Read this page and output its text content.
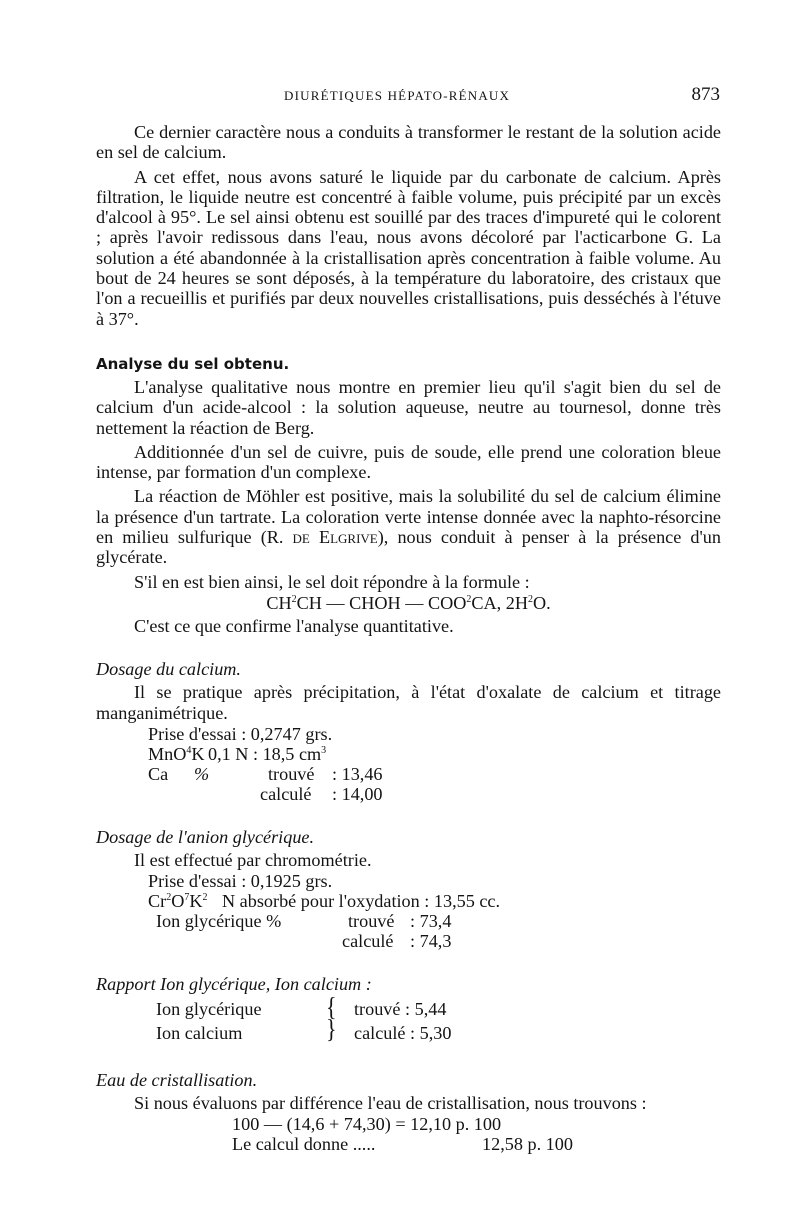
DIURÉTIQUES HÉPATO-RÉNAUX	873

Ce dernier caractère nous a conduits à transformer le restant de la solution acide en sel de calcium.

A cet effet, nous avons saturé le liquide par du carbonate de calcium. Après filtration, le liquide neutre est concentré à faible volume, puis précipité par un excès d'alcool à 95°. Le sel ainsi obtenu est souillé par des traces d'impureté qui le colorent ; après l'avoir redissous dans l'eau, nous avons décoloré par l'acticarbone G. La solution a été abandonnée à la cristallisation après concentration à faible volume. Au bout de 24 heures se sont déposés, à la température du laboratoire, des cristaux que l'on a recueillis et purifiés par deux nouvelles cristallisations, puis desséchés à l'étuve à 37°.

Analyse du sel obtenu.

L'analyse qualitative nous montre en premier lieu qu'il s'agit bien du sel de calcium d'un acide-alcool : la solution aqueuse, neutre au tournesol, donne très nettement la réaction de Berg.

Additionnée d'un sel de cuivre, puis de soude, elle prend une coloration bleue intense, par formation d'un complexe.

La réaction de Möhler est positive, mais la solubilité du sel de calcium élimine la présence d'un tartrate. La coloration verte intense donnée avec la naphto-résorcine en milieu sulfurique (R. de Elgrive), nous conduit à penser à la présence d'un glycérate.

S'il en est bien ainsi, le sel doit répondre à la formule :

$CH^2CH$ — CHOH — COO$^2$CA, $2H^2O$.

C'est ce que confirme l'analyse quantitative.

Dosage du calcium.

Il se pratique après précipitation, à l'état d'oxalate de calcium et titrage manganimétrique.

Prise d'essai : 0,2747 grs.
MnO$^4$K 0,1 N : 18,5 $cm^3$
Ca %	trouvé : 13,46
calculé : 14,00
Dosage de l'anion glycérique.

Il est effectué par chromométrie.

Prise d'essai : 0,1925 grs.
$Cr^2O^7K^2$ N absorbé pour l'oxydation : 13,55 cc.
Ion glycérique %	trouvé : 73,4
calculé : 74,3
Rapport Ion glycérique, Ion calcium :
Ion glycérique	{ trouvé : 5,44
Ion calcium	} calculé : 5,30
Eau de cristallisation.

Si nous évaluons par différence l'eau de cristallisation, nous trouvons :

100 — (14,6 + 74,30) = 12,10 p. 100
Le calcul donne .....	12,58 p. 100
